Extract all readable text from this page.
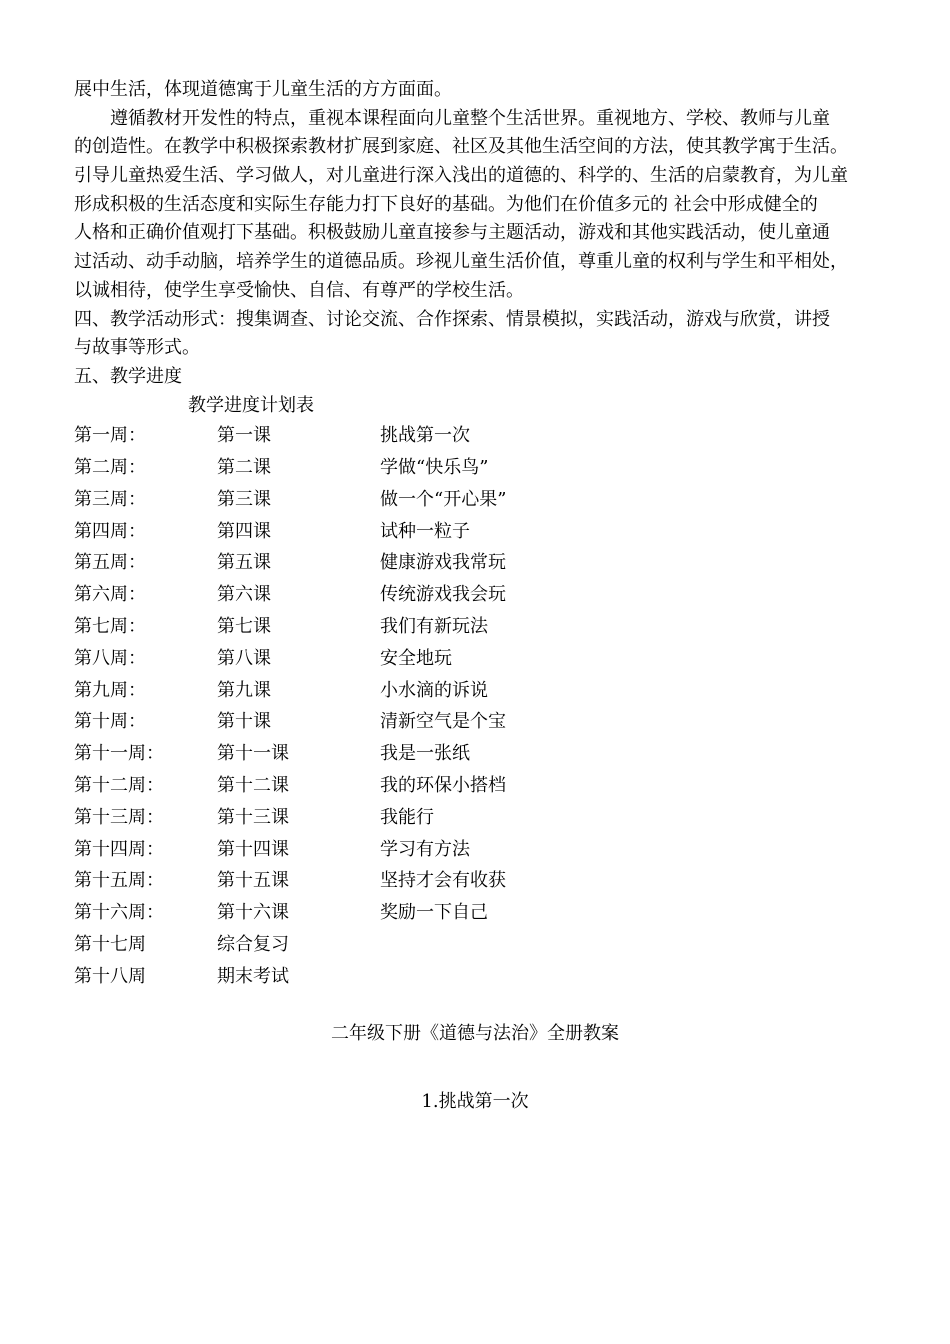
展中生活，体现道德寓于儿童生活的方方面面。
遵循教材开发性的特点，重视本课程面向儿童整个生活世界。重视地方、学校、教师与儿童
的创造性。在教学中积极探索教材扩展到家庭、社区及其他生活空间的方法，使其教学寓于生活。
引导儿童热爱生活、学习做人，对儿童进行深入浅出的道德的、科学的、生活的启蒙教育，为儿童
形成积极的生活态度和实际生存能力打下良好的基础。为他们在价值多元的 社会中形成健全的
人格和正确价值观打下基础。积极鼓励儿童直接参与主题活动，游戏和其他实践活动，使儿童通
过活动、动手动脑，培养学生的道德品质。珍视儿童生活价值，尊重儿童的权利与学生和平相处，
以诚相待，使学生享受愉快、自信、有尊严的学校生活。
四、教学活动形式：搜集调查、讨论交流、合作探索、情景模拟，实践活动，游戏与欣赏，讲授
与故事等形式。
五、教学进度
教学进度计划表
第一周：	第一课	挑战第一次
第二周：	第二课	学做“快乐鸟”
第三周：	第三课	做一个“开心果”
第四周：	第四课	试种一粒子
第五周：	第五课	健康游戏我常玩
第六周：	第六课	传统游戏我会玩
第七周：	第七课	我们有新玩法
第八周：	第八课	安全地玩
第九周：	第九课	小水滴的诉说
第十周：	第十课	清新空气是个宝
第十一周：	第十一课	我是一张纸
第十二周：	第十二课	我的环保小搭档
第十三周：	第十三课	我能行
第十四周：	第十四课	学习有方法
第十五周：	第十五课	坚持才会有收获
第十六周：	第十六课	奖励一下自己
第十七周	综合复习
第十八周	期末考试
二年级下册《道德与法治》全册教案
1.挑战第一次
